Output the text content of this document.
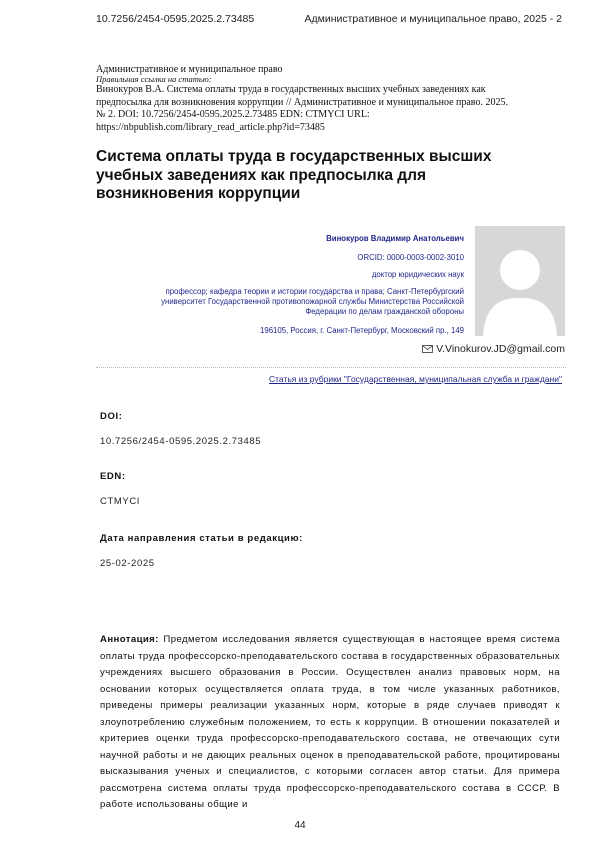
10.7256/2454-0595.2025.2.73485	Административное и муниципальное право, 2025 - 2
Административное и муниципальное право
Правильная ссылка на статью:
Винокуров В.А. Система оплаты труда в государственных высших учебных заведениях как предпосылка для возникновения коррупции // Административное и муниципальное право. 2025. № 2. DOI: 10.7256/2454-0595.2025.2.73485 EDN: CTMYCI URL: https://nbpublish.com/library_read_article.php?id=73485
Система оплаты труда в государственных высших учебных заведениях как предпосылка для возникновения коррупции
Винокуров Владимир Анатольевич
ORCID: 0000-0003-0002-3010
доктор юридических наук
профессор; кафедра теории и истории государства и права; Санкт-Петербургский университет Государственной противопожарной службы Министерства Российской Федерации по делам гражданской обороны
196105, Россия, г. Санкт-Петербург, Московский пр., 149
V.Vinokurov.JD@gmail.com
Статья из рубрики "Государственная, муниципальная служба и граждани"
DOI:
10.7256/2454-0595.2025.2.73485
EDN:
CTMYCI
Дата направления статьи в редакцию:
25-02-2025
Аннотация: Предметом исследования является существующая в настоящее время система оплаты труда профессорско-преподавательского состава в государственных образовательных учреждениях высшего образования в России. Осуществлен анализ правовых норм, на основании которых осуществляется оплата труда, в том числе указанных работников, приведены примеры реализации указанных норм, которые в ряде случаев приводят к злоупотреблению служебным положением, то есть к коррупции. В отношении показателей и критериев оценки труда профессорско-преподавательского состава, не отвечающих сути научной работы и не дающих реальных оценок в преподавательской работе, процитированы высказывания ученых и специалистов, с которыми согласен автор статьи. Для примера рассмотрена система оплаты труда профессорско-преподавательского состава в СССР. В работе использованы общие и
44
